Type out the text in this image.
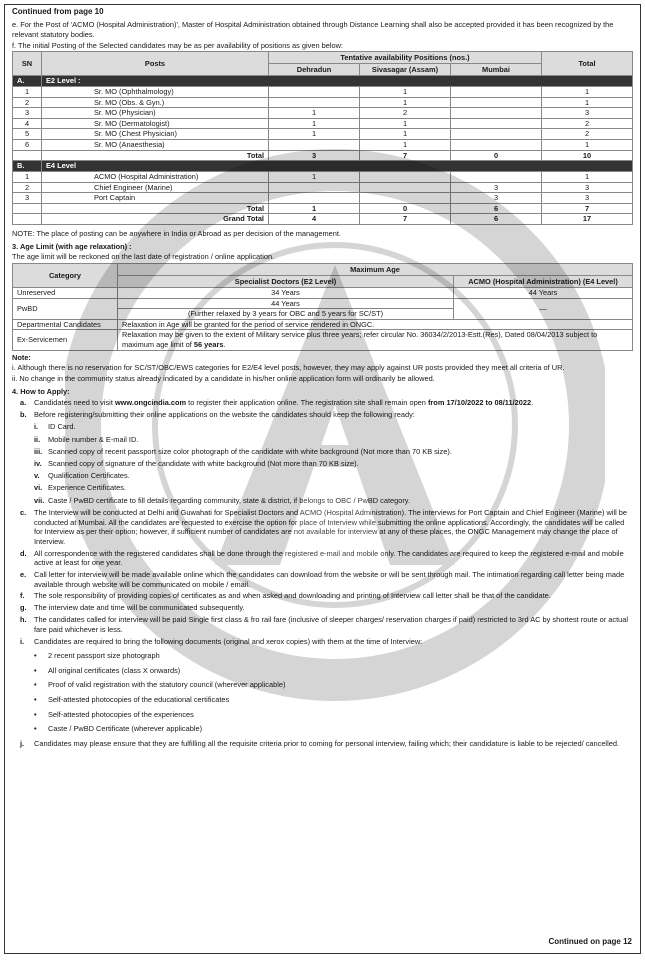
Continued from page 10
e. For the Post of 'ACMO (Hospital Administration)', Master of Hospital Administration obtained through Distance Learning shall also be accepted provided it has been recognized by the relevant statutory bodies.
f. The initial Posting of the Selected candidates may be as per availability of positions as given below:
SN	Posts	Tentative availability Positions (nos.)			Total
		Dehradun	Sivasagar (Assam)	Mumbai	
A.	E2 Level :				
1	Sr. MO (Ophthalmology)		1		1
2	Sr. MO (Obs. & Gyn.)		1		1
3	Sr. MO (Physician)	1	2		3
4	Sr. MO (Dermatologist)	1	1		2
5	Sr. MO (Chest Physician)	1	1		2
6	Sr. MO (Anaesthesia)		1		1
	Total	3	7	0	10
B.	E4 Level				
1	ACMO (Hospital Administration)	1			1
2	Chief Engineer (Marine)			3	3
3	Port Captain			3	3
	Total	1	0	6	7
	Grand Total	4	7	6	17
NOTE: The place of posting can be anywhere in India or Abroad as per decision of the management.
3. Age Limit (with age relaxation) :
The age limit will be reckoned on the last date of registration / online application.
Category	Maximum Age	
	Specialist Doctors (E2 Level)	ACMO (Hospital Administration) (E4 Level)
Unreserved	34 Years	44 Years
PwBD	44 Years	—
	(Further relaxed by 3 years for OBC and 5 years for SC/ST)	
Departmental Candidates	Relaxation in Age will be granted for the period of service rendered in ONGC.	
Ex-Servicemen	Relaxation may be given to the extent of Military service plus three years; refer circular No. 36034/2/2013-Estt.(Res), Dated 08/04/2013 subject to maximum age limit of 56 years.	
Note:
i. Although there is no reservation for SC/ST/OBC/EWS categories for E2/E4 level posts, however, they may apply against UR posts provided they meet all criteria of UR.
ii. No change in the community status already indicated by a candidate in his/her online application form will ordinarily be allowed.
4. How to Apply:
a.	Candidates need to visit www.ongcindia.com to register their application online. The registration site shall remain open from 17/10/2022 to 08/11/2022.
b.	Before registering/submitting their online applications on the website the candidates should keep the following ready:
i.	ID Card.
ii.	Mobile number & E-mail ID.
iii. Scanned copy of recent passport size color photograph of the candidate with white background (Not more than 70 KB size).
iv. Scanned copy of signature of the candidate with white background (Not more than 70 KB size).
v.	Qualification Certificates.
vi. Experience Certificates.
vii. Caste / PwBD certificate to fill details regarding community, state & district, if belongs to OBC / PwBD category.
c.	The Interview will be conducted at Delhi and Guwahati for Specialist Doctors and ACMO (Hospital Administration). The interviews for Port Captain and Chief Engineer (Marine) will be conducted at Mumbai. All the candidates are requested to exercise the option for place of Interview while submitting the online applications. Accordingly, the candidates will be called for Interview as per their option; however, if sufficient number of candidates are not available for interview at any of these places, the ONGC Management may change the place of Interview.
d.	All correspondence with the registered candidates shall be done through the registered e-mail and mobile only. The candidates are required to keep the registered e-mail and mobile active at least for one year.
e.	Call letter for interview will be made available online which the candidates can download from the website or will be sent through mail. The intimation regarding call letter being made available through website will be communicated on mobile / email.
f.	The sole responsibility of providing copies of certificates as and when asked and downloading and printing of Interview call letter shall be that of the candidate.
g.	The interview date and time will be communicated subsequently.
h.	The candidates called for interview will be paid Single first class & fro rail fare (inclusive of sleeper charges/ reservation charges if paid) restricted to 3rd AC by shortest route or actual fare paid whichever is less.
i.	Candidates are required to bring the following documents (original and xerox copies) with them at the time of Interview:
•	2 recent passport size photograph
•	All original certificates (class X onwards)
•	Proof of valid registration with the statutory council (wherever applicable)
•	Self-attested photocopies of the educational certificates
•	Self-attested photocopies of the experiences
•	Caste / PwBD Certificate (wherever applicable)
j.	Candidates may please ensure that they are fulfilling all the requisite criteria prior to coming for personal interview, failing which; their candidature is liable to be rejected/ cancelled.
Continued on page 12
